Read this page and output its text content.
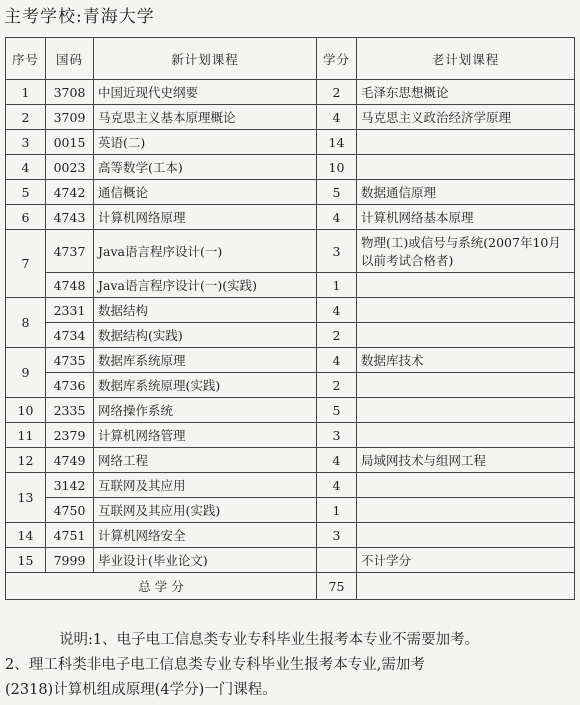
主考学校:青海大学
序号	国码	新计划课程	学分	老计划课程
1	3708	中国近现代史纲要	2	毛泽东思想概论
2	3709	马克思主义基本原理概论	4	马克思主义政治经济学原理
3	0015	英语(二)	14	
4	0023	高等数学(工本)	10	
5	4742	通信概论	5	数据通信原理
6	4743	计算机网络原理	4	计算机网络基本原理
7	4737	Java语言程序设计(一)	3	物理(工)或信号与系统(2007年10月以前考试合格者)
	4748	Java语言程序设计(一)(实践)	1	
8	2331	数据结构	4	
	4734	数据结构(实践)	2	
9	4735	数据库系统原理	4	数据库技术
	4736	数据库系统原理(实践)	2	
10	2335	网络操作系统	5	
11	2379	计算机网络管理	3	
12	4749	网络工程	4	局域网技术与组网工程
13	3142	互联网及其应用	4	
	4750	互联网及其应用(实践)	1	
14	4751	计算机网络安全	3	
15	7999	毕业设计(毕业论文)		不计学分
总 学 分			75	

说明:1、电子电工信息类专业专科毕业生报考本专业不需要加考。

2、理工科类非电子电工信息类专业专科毕业生报考本专业,需加考

(2318)计算机组成原理(4学分)一门课程。
